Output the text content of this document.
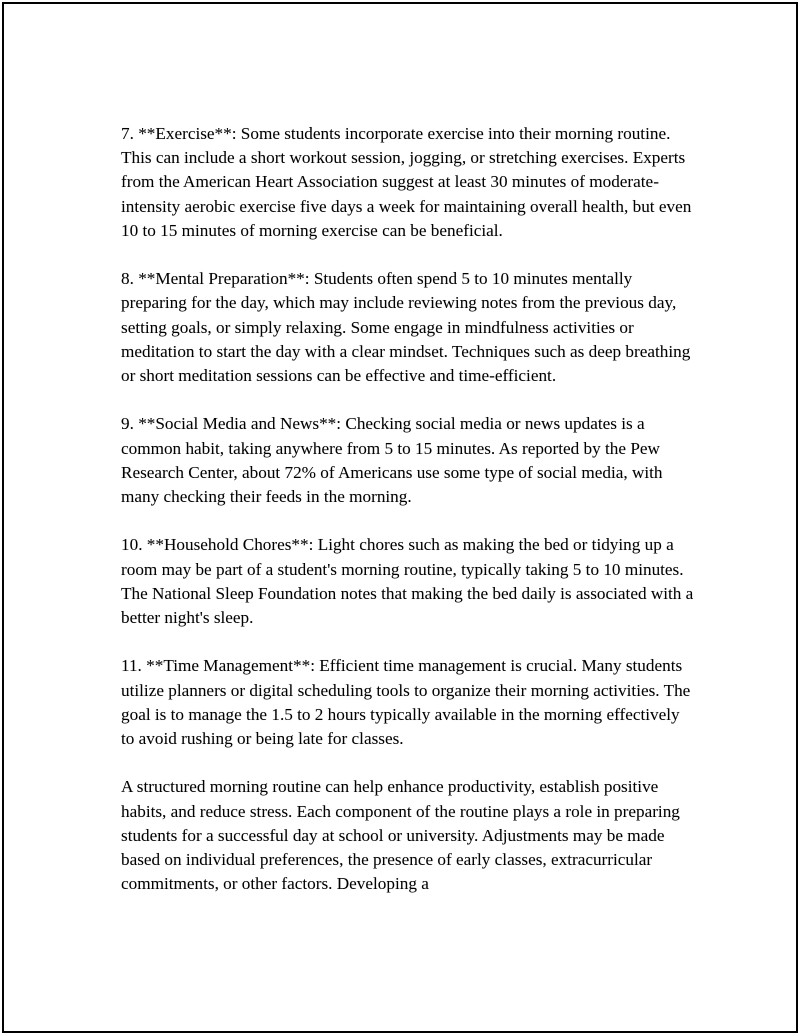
7. **Exercise**: Some students incorporate exercise into their morning routine. This can include a short workout session, jogging, or stretching exercises. Experts from the American Heart Association suggest at least 30 minutes of moderate-intensity aerobic exercise five days a week for maintaining overall health, but even 10 to 15 minutes of morning exercise can be beneficial.

8. **Mental Preparation**: Students often spend 5 to 10 minutes mentally preparing for the day, which may include reviewing notes from the previous day, setting goals, or simply relaxing. Some engage in mindfulness activities or meditation to start the day with a clear mindset. Techniques such as deep breathing or short meditation sessions can be effective and time-efficient.

9. **Social Media and News**: Checking social media or news updates is a common habit, taking anywhere from 5 to 15 minutes. As reported by the Pew Research Center, about 72% of Americans use some type of social media, with many checking their feeds in the morning.

10. **Household Chores**: Light chores such as making the bed or tidying up a room may be part of a student's morning routine, typically taking 5 to 10 minutes. The National Sleep Foundation notes that making the bed daily is associated with a better night's sleep.

11. **Time Management**: Efficient time management is crucial. Many students utilize planners or digital scheduling tools to organize their morning activities. The goal is to manage the 1.5 to 2 hours typically available in the morning effectively to avoid rushing or being late for classes.

A structured morning routine can help enhance productivity, establish positive habits, and reduce stress. Each component of the routine plays a role in preparing students for a successful day at school or university. Adjustments may be made based on individual preferences, the presence of early classes, extracurricular commitments, or other factors. Developing a
